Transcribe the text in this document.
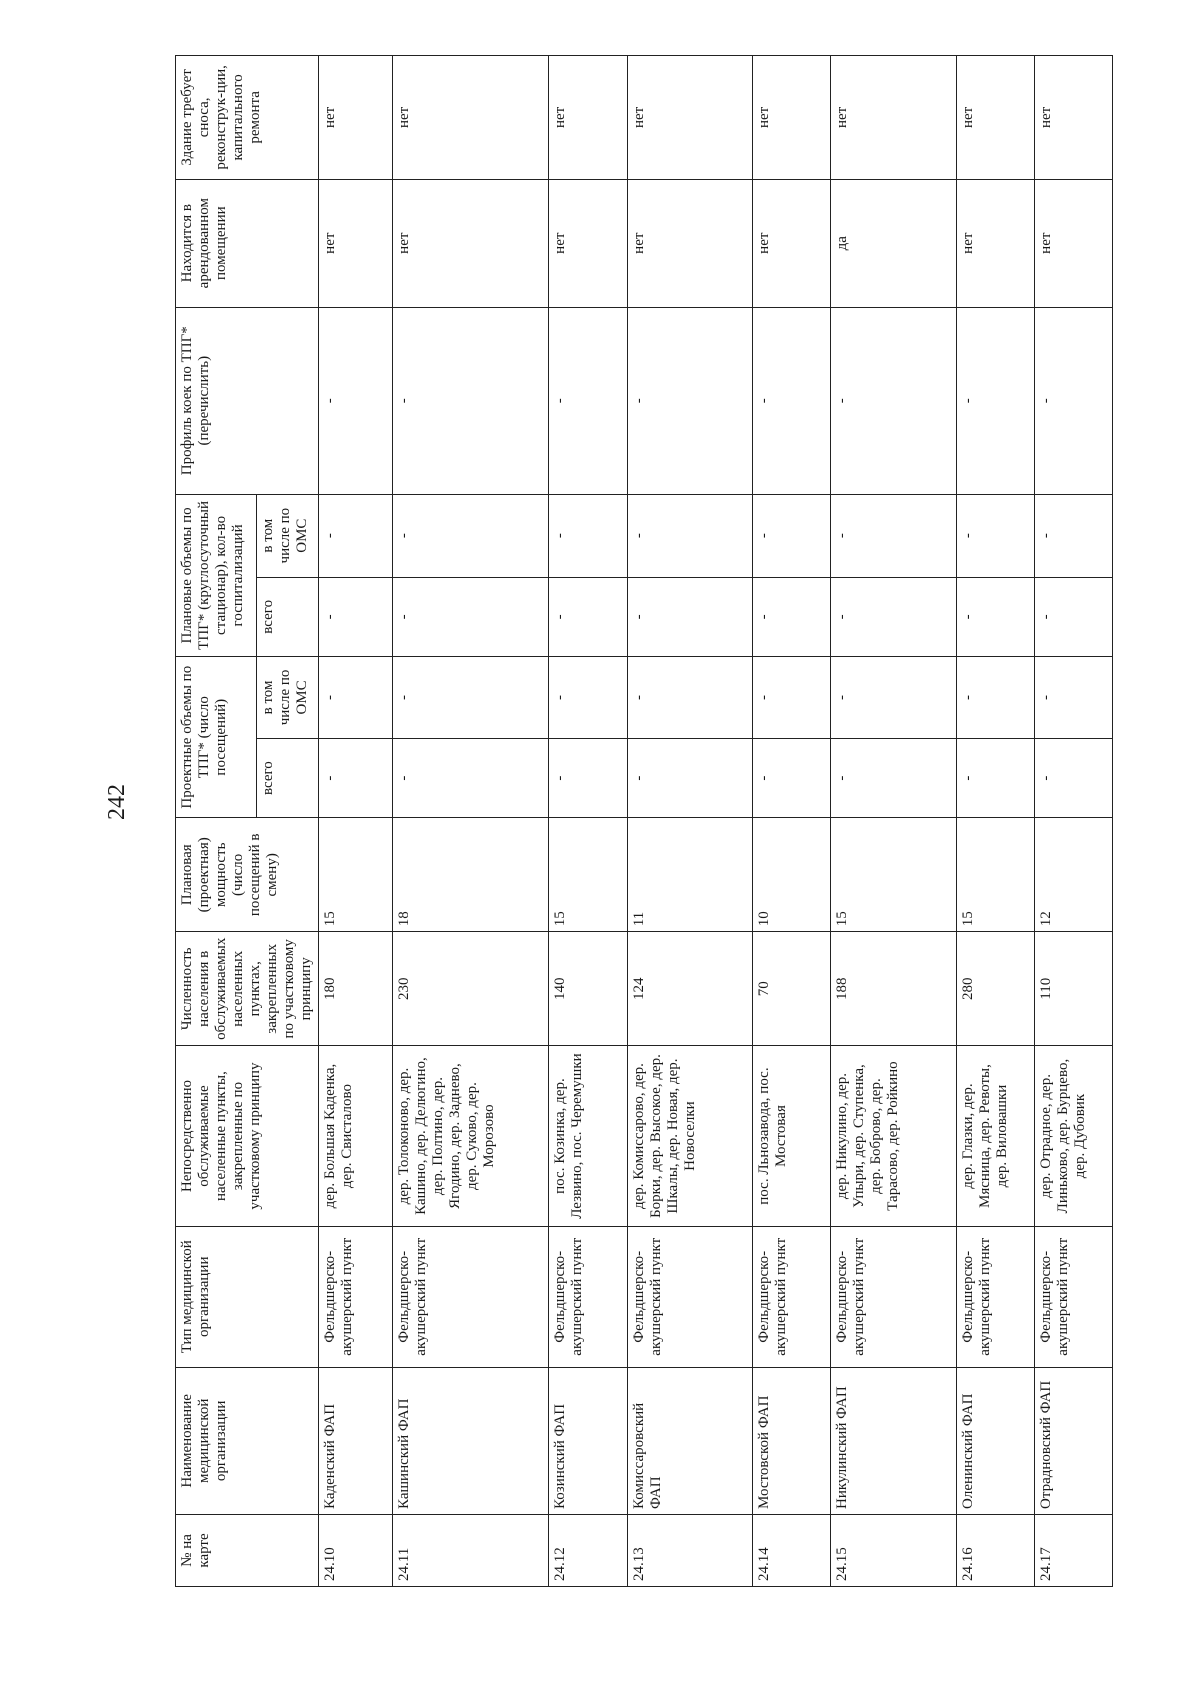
242
№ на карте	Наименование медицинской организации	Тип медицинской организации	Непосредственно обслуживаемые населенные пункты, закрепленные по участковому принципу	Численность населения в обслуживаемых населенных пунктах, закрепленных по участковому принципу	Плановая (проектная) мощность (число посещений в смену)	Проектные объемы по ТПГ* (число посещений)		Плановые объемы по ТПГ* (круглосуточный стационар), кол-во госпитализаций		Профиль коек по ТПГ* (перечислить)	Находится в арендованном помещении	Здание требует сноса, реконструк-ции, капитального ремонта
						всего	в том числе по ОМС	всего	в том числе по ОМС			
24.10	Каденский ФАП	Фельдшерско-акушерский пункт	дер. Большая Каденка, дер. Свисталово	180	15	-	-	-	-	-	нет	нет
24.11	Кашинский ФАП	Фельдшерско-акушерский пункт	дер. Толоконово, дер. Кашино, дер. Делюгино, дер. Полтино, дер. Ягодино, дер. Заднево, дер. Суково, дер. Морозово	230	18	-	-	-	-	-	нет	нет
24.12	Козинский ФАП	Фельдшерско-акушерский пункт	пос. Козинка, дер. Лезвино, пос. Черемушки	140	15	-	-	-	-	-	нет	нет
24.13	Комиссаровский ФАП	Фельдшерско-акушерский пункт	дер. Комиссарово, дер. Борки, дер. Высокое, дер. Шкалы, дер. Новая, дер. Новоселки	124	11	-	-	-	-	-	нет	нет
24.14	Мостовской ФАП	Фельдшерско-акушерский пункт	пос. Льнозавода, пос. Мостовая	70	10	-	-	-	-	-	нет	нет
24.15	Никулинский ФАП	Фельдшерско-акушерский пункт	дер. Никулино, дер. Упыри, дер. Ступенка, дер. Боброво, дер. Тарасово, дер. Ройкино	188	15	-	-	-	-	-	да	нет
24.16	Оленинский ФАП	Фельдшерско-акушерский пункт	дер. Глазки, дер. Мясница, дер. Ревоты, дер. Виловашки	280	15	-	-	-	-	-	нет	нет
24.17	Отрадновский ФАП	Фельдшерско-акушерский пункт	дер. Отрадное, дер. Линьково, дер. Бурцево, дер. Дубовик	110	12	-	-	-	-	-	нет	нет
